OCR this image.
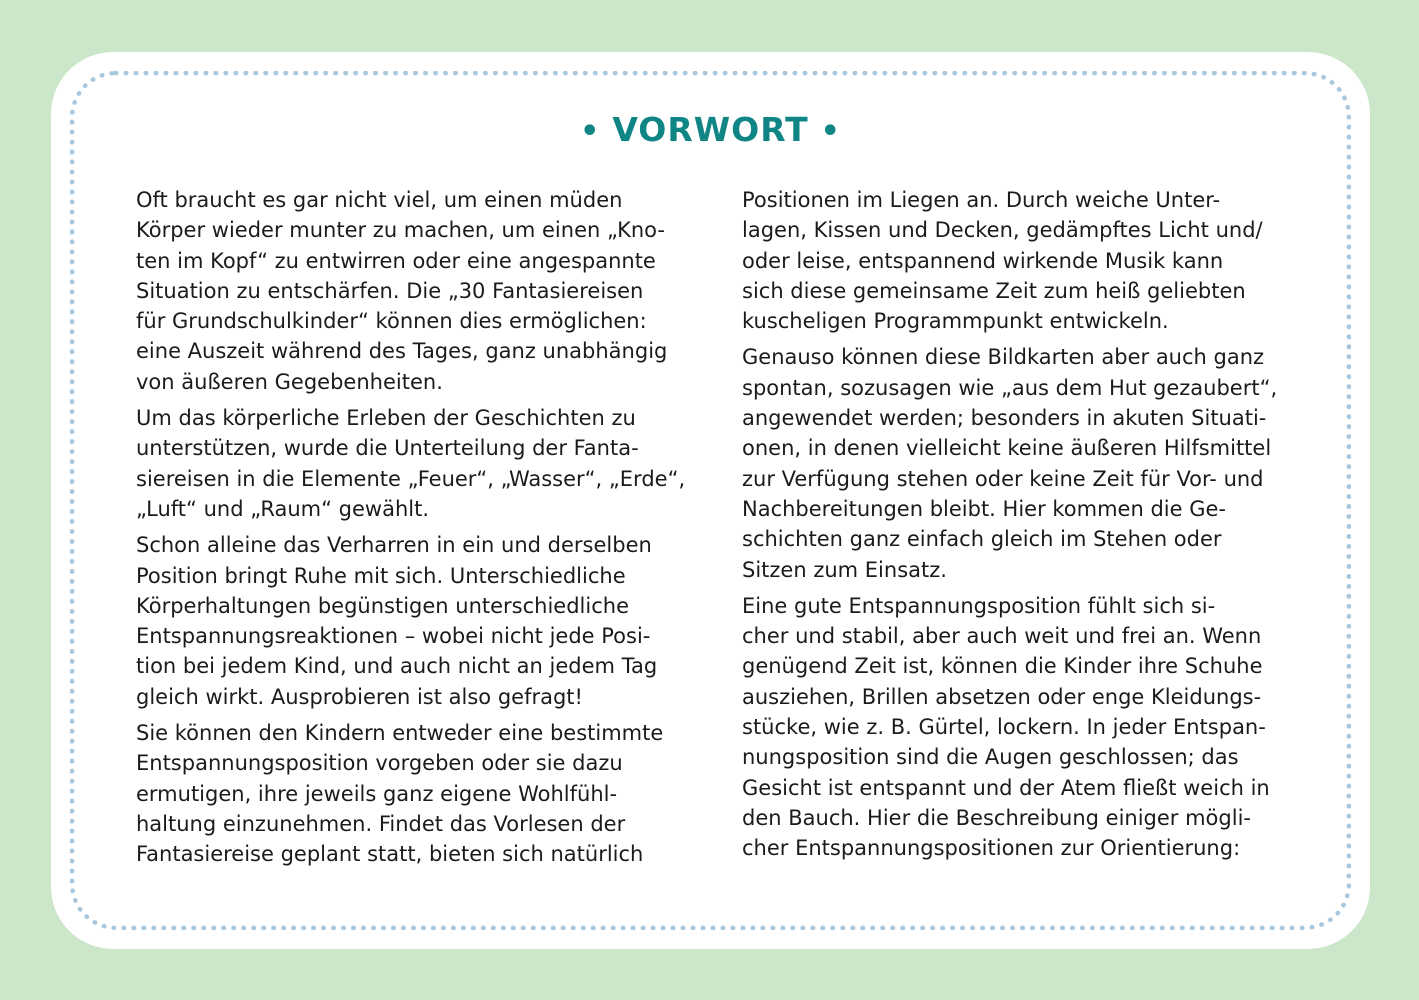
• VORWORT •
Oft braucht es gar nicht viel, um einen müden
Körper wieder munter zu machen, um einen „Kno-
ten im Kopf“ zu entwirren oder eine angespannte
Situation zu entschärfen. Die „30 Fantasiereisen
für Grundschulkinder“ können dies ermöglichen:
eine Auszeit während des Tages, ganz unabhängig
von äußeren Gegebenheiten.
Um das körperliche Erleben der Geschichten zu
unterstützen, wurde die Unterteilung der Fanta-
siereisen in die Elemente „Feuer“, „Wasser“, „Erde“,
„Luft“ und „Raum“ gewählt.
Schon alleine das Verharren in ein und derselben
Position bringt Ruhe mit sich. Unterschiedliche
Körperhaltungen begünstigen unterschiedliche
Entspannungsreaktionen – wobei nicht jede Posi-
tion bei jedem Kind, und auch nicht an jedem Tag
gleich wirkt. Ausprobieren ist also gefragt!
Sie können den Kindern entweder eine bestimmte
Entspannungsposition vorgeben oder sie dazu
ermutigen, ihre jeweils ganz eigene Wohlfühl-
haltung einzunehmen. Findet das Vorlesen der
Fantasiereise geplant statt, bieten sich natürlich
Positionen im Liegen an. Durch weiche Unter-
lagen, Kissen und Decken, gedämpftes Licht und/
oder leise, entspannend wirkende Musik kann
sich diese gemeinsame Zeit zum heiß geliebten
kuscheligen Programmpunkt entwickeln.
Genauso können diese Bildkarten aber auch ganz
spontan, sozusagen wie „aus dem Hut gezaubert“,
angewendet werden; besonders in akuten Situati-
onen, in denen vielleicht keine äußeren Hilfsmittel
zur Verfügung stehen oder keine Zeit für Vor- und
Nachbereitungen bleibt. Hier kommen die Ge-
schichten ganz einfach gleich im Stehen oder
Sitzen zum Einsatz.
Eine gute Entspannungsposition fühlt sich si-
cher und stabil, aber auch weit und frei an. Wenn
genügend Zeit ist, können die Kinder ihre Schuhe
ausziehen, Brillen absetzen oder enge Kleidungs-
stücke, wie z. B. Gürtel, lockern. In jeder Entspan-
nungsposition sind die Augen geschlossen; das
Gesicht ist entspannt und der Atem fließt weich in
den Bauch. Hier die Beschreibung einiger mögli-
cher Entspannungspositionen zur Orientierung:
